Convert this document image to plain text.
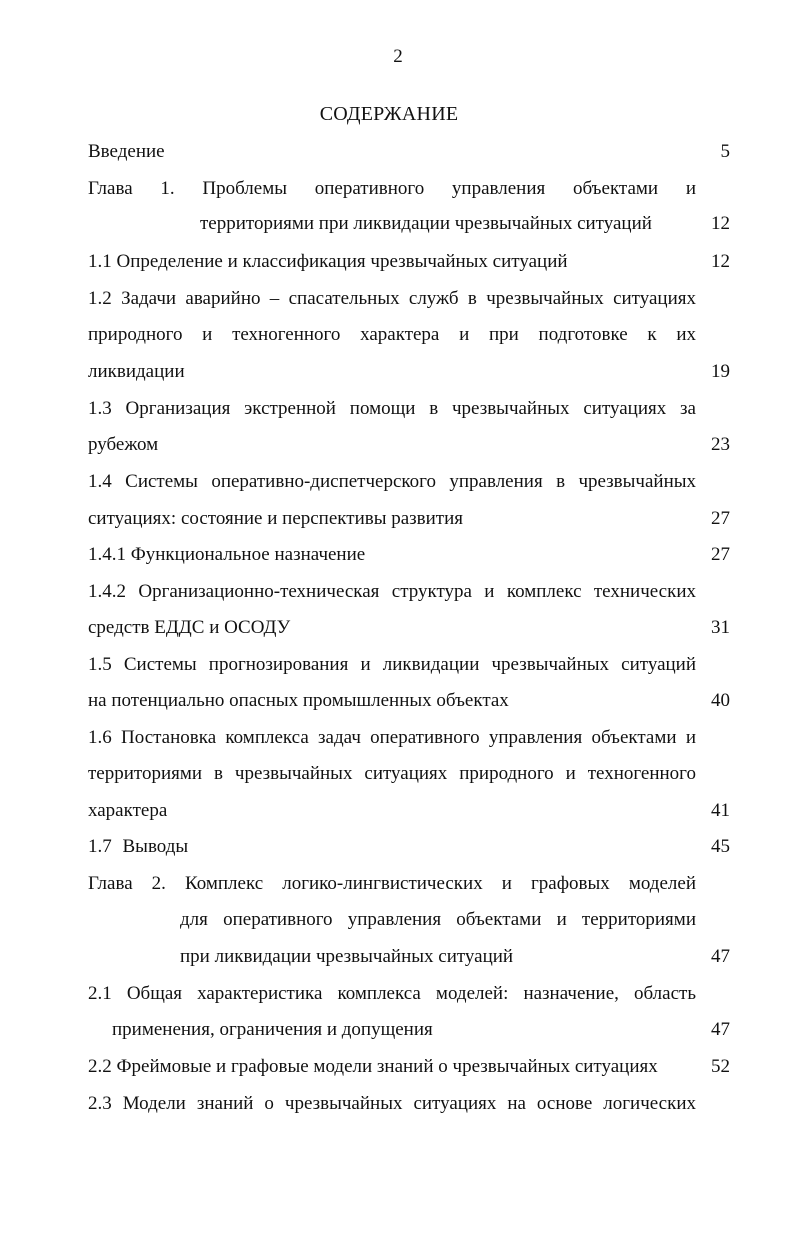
2
СОДЕРЖАНИЕ
Введение	5
Глава 1. Проблемы оперативного управления объектами и
территориями при ликвидации чрезвычайных ситуаций	12
1.1 Определение и классификация чрезвычайных ситуаций	12
1.2 Задачи аварийно – спасательных служб в чрезвычайных ситуациях
природного и техногенного характера и при подготовке к их
ликвидации	19
1.3 Организация экстренной помощи в чрезвычайных ситуациях за
рубежом	23
1.4 Системы оперативно-диспетчерского управления в чрезвычайных
ситуациях: состояние и перспективы развития	27
1.4.1 Функциональное назначение	27
1.4.2 Организационно-техническая структура и комплекс технических
средств ЕДДС и ОСОДУ	31
1.5 Системы прогнозирования и ликвидации чрезвычайных ситуаций
на потенциально опасных промышленных объектах	40
1.6 Постановка комплекса задач оперативного управления объектами и
территориями в чрезвычайных ситуациях природного и техногенного
характера	41
1.7 Выводы	45
Глава 2. Комплекс логико-лингвистических и графовых моделей
для оперативного управления объектами и территориями
при ликвидации чрезвычайных ситуаций	47
2.1 Общая характеристика комплекса моделей: назначение, область
применения, ограничения и допущения	47
2.2 Фреймовые и графовые модели знаний о чрезвычайных ситуациях	52
2.3 Модели знаний о чрезвычайных ситуациях на основе логических
